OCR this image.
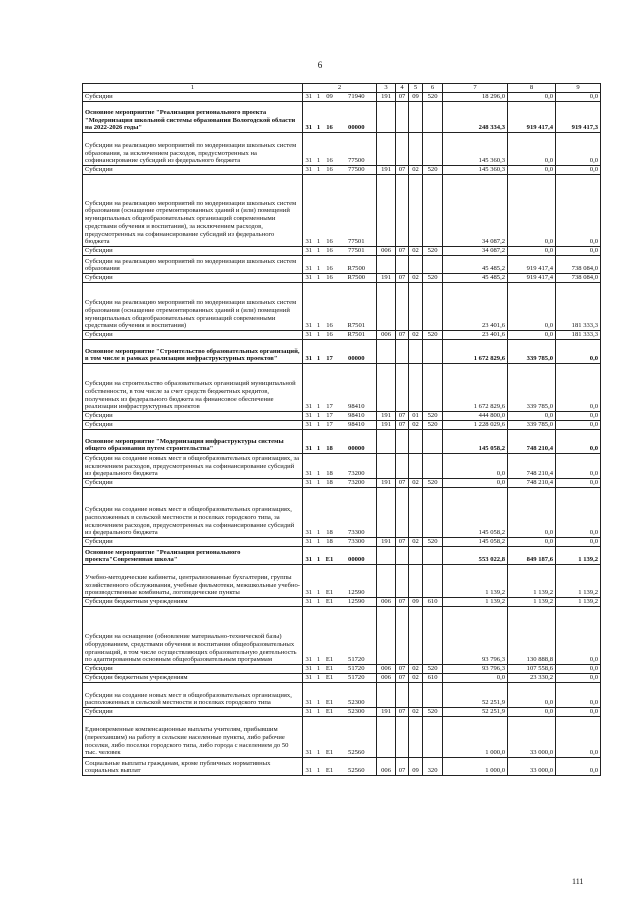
6
1	2				3	4	5	6	7	8	9
Субсидии	31	1	09	71940	191	07	09	520	18 296,0	0,0	0,0
Основное мероприятие "Реализация регионального проекта "Модернизация школьной системы образования Вологодской области на 2022-2026 годы"	31	1	16	00000					248 334,3	919 417,4	919 417,3
Субсидии на реализацию мероприятий по модернизации школьных систем образования, за исключением расходов, предусмотренных на софинансирование субсидий из федерального бюджета	31	1	16	77500					145 360,3	0,0	0,0
Субсидии	31	1	16	77500	191	07	02	520	145 360,3	0,0	0,0
Субсидии на реализацию мероприятий по модернизации школьных систем образования (оснащение отремонтированных зданий и (или) помещений муниципальных общеобразовательных организаций современными средствами обучения и воспитания), за исключением расходов, предусмотренных на софинансирование субсидий из федерального бюджета	31	1	16	77501					34 087,2	0,0	0,0
Субсидии	31	1	16	77501	006	07	02	520	34 087,2	0,0	0,0
Субсидии на реализацию мероприятий по модернизации школьных систем образования	31	1	16	R7500					45 485,2	919 417,4	738 084,0
Субсидии	31	1	16	R7500	191	07	02	520	45 485,2	919 417,4	738 084,0
Субсидии на реализацию мероприятий по модернизации школьных систем образования (оснащение отремонтированных зданий и (или) помещений муниципальных общеобразовательных организаций современными средствами обучения и воспитания)	31	1	16	R7501					23 401,6	0,0	181 333,3
Субсидии	31	1	16	R7501	006	07	02	520	23 401,6	0,0	181 333,3
Основное мероприятие "Строительство образовательных организаций, в том числе в рамках реализации инфраструктурных проектов"	31	1	17	00000					1 672 829,6	339 785,0	0,0
Субсидии на строительство образовательных организаций муниципальной собственности, в том числе за счет средств бюджетных кредитов, полученных из федерального бюджета на финансовое обеспечение реализации инфраструктурных проектов	31	1	17	98410					1 672 829,6	339 785,0	0,0
Субсидии	31	1	17	98410	191	07	01	520	444 800,0	0,0	0,0
Субсидии	31	1	17	98410	191	07	02	520	1 228 029,6	339 785,0	0,0
Основное мероприятие "Модернизация инфраструктуры системы общего образования путем строительства"	31	1	18	00000					145 058,2	748 210,4	0,0
Субсидии на создание новых мест в общеобразовательных организациях, за исключением расходов, предусмотренных на софинансирование субсидий из федерального бюджета	31	1	18	73200					0,0	748 210,4	0,0
Субсидии	31	1	18	73200	191	07	02	520	0,0	748 210,4	0,0
Субсидии на создание новых мест в общеобразовательных организациях, расположенных в сельской местности и поселках городского типа, за исключением расходов, предусмотренных на софинансирование субсидий из федерального бюджета	31	1	18	73300					145 058,2	0,0	0,0
Субсидии	31	1	18	73300	191	07	02	520	145 058,2	0,0	0,0
Основное мероприятие "Реализация регионального проекта"Современная школа"	31	1	E1	00000					553 022,8	849 187,6	1 139,2
Учебно-методические кабинеты, централизованные бухгалтерии, группы хозяйственного обслуживания, учебные фильмотеки, межшкольные учебно-производственные комбинаты, логопедические пункты	31	1	E1	12590					1 139,2	1 139,2	1 139,2
Субсидии бюджетным учреждениям	31	1	E1	12590	006	07	09	610	1 139,2	1 139,2	1 139,2
Субсидии на оснащение (обновление материально-технической базы) оборудованием, средствами обучения и воспитания общеобразовательных организаций, в том числе осуществляющих образовательную деятельность по адаптированным основным общеобразовательным программам	31	1	E1	51720					93 796,3	130 888,8	0,0
Субсидии	31	1	E1	51720	006	07	02	520	93 796,3	107 558,6	0,0
Субсидии бюджетным учреждениям	31	1	E1	51720	006	07	02	610	0,0	23 330,2	0,0
Субсидии на создание новых мест в общеобразовательных организациях, расположенных в сельской местности и поселках городского типа	31	1	E1	52300					52 251,9	0,0	0,0
Субсидии	31	1	E1	52300	191	07	02	520	52 251,9	0,0	0,0
Единовременные компенсационные выплаты учителям, прибывшим (переехавшим) на работу в сельские населенные пункты, либо рабочие поселки, либо поселки городского типа, либо города с населением до 50 тыс. человек	31	1	E1	52560					1 000,0	33 000,0	0,0
Социальные выплаты гражданам, кроме публичных нормативных социальных выплат	31	1	E1	52560	006	07	09	320	1 000,0	33 000,0	0,0
111
